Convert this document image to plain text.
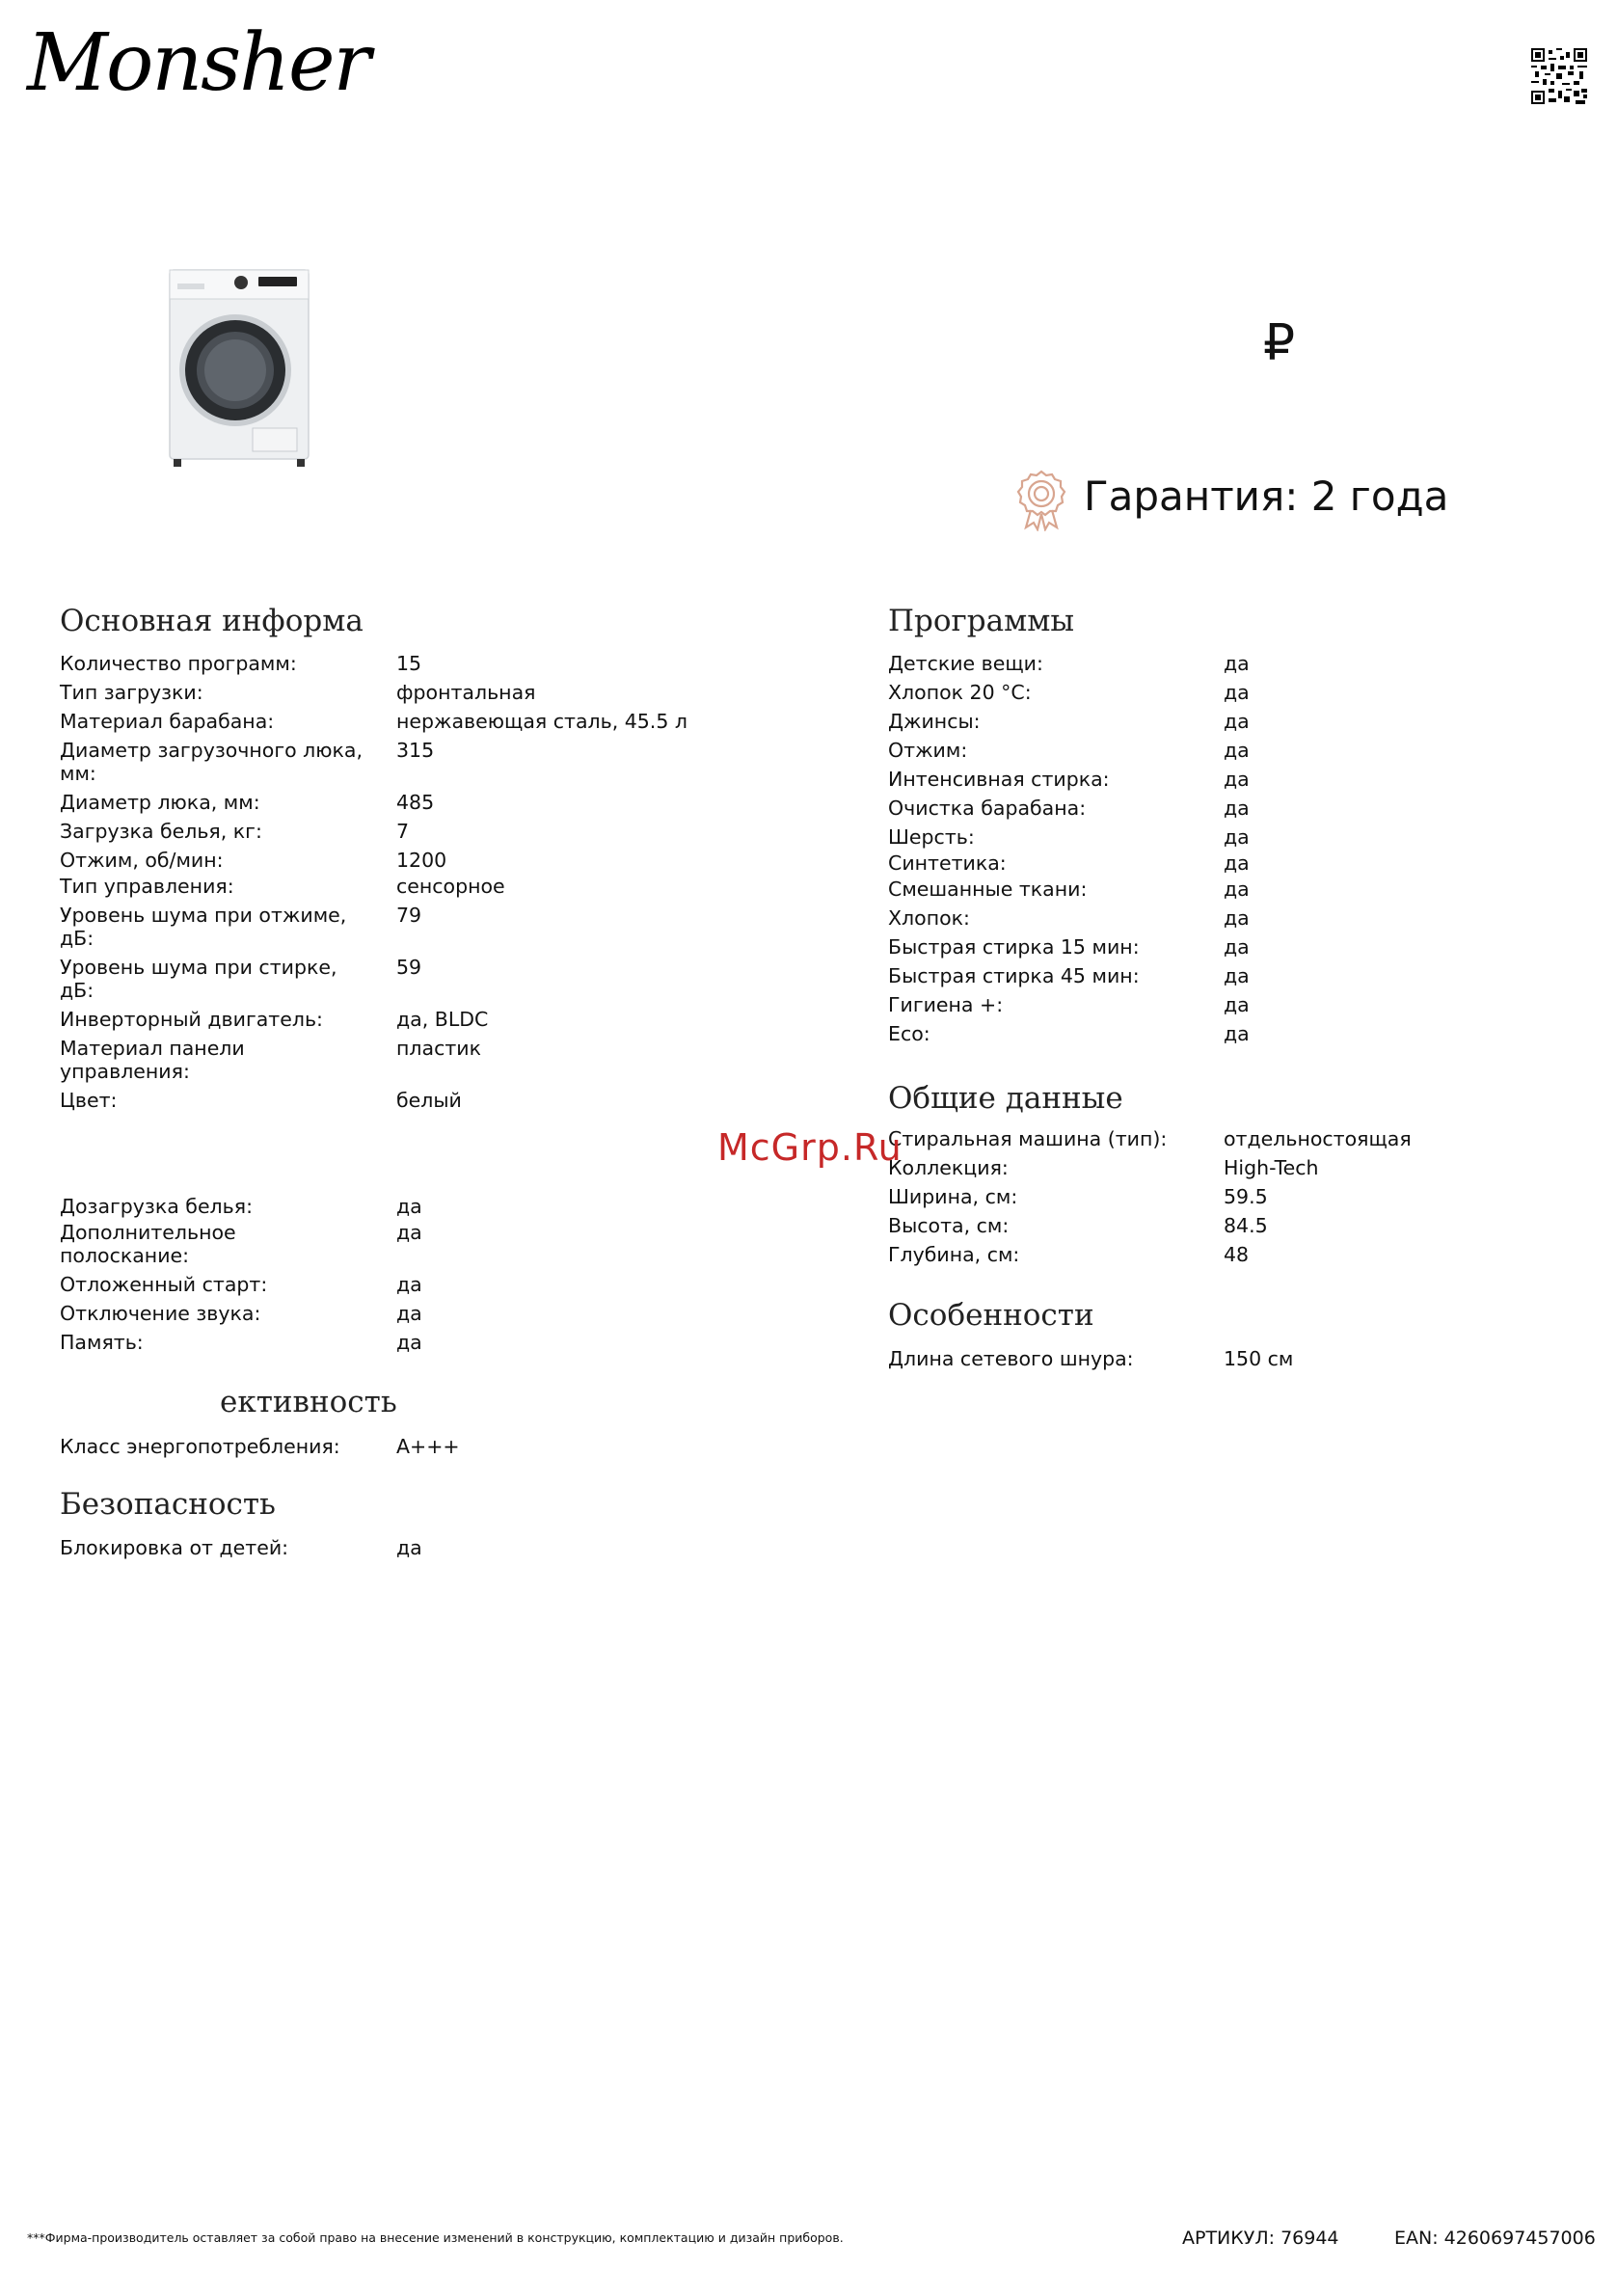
Monsher
₽
Гарантия: 2 года
Основная информа
Количество программ:	15
Тип загрузки:	фронтальная
Материал барабана:	нержавеющая сталь, 45.5 л
Диаметр загрузочного люка, мм:
315
Диаметр люка, мм:	485
Загрузка белья, кг:	7
Отжим, об/мин:	1200
Тип управления:	сенсорное
Уровень шума при отжиме, дБ:
79
Уровень шума при стирке, дБ:
59
Инверторный двигатель:	да, BLDC
Материал панели управления:
пластик
Цвет:	белый
Дозагрузка белья:	да
Дополнительное полоскание:
да
Отложенный старт:	да
Отключение звука:	да
Память:	да
ективность
Класс энергопотребления:	A+++
Безопасность
Блокировка от детей:	да
Программы
Детские вещи:	да
Хлопок 20 °C:	да
Джинсы:	да
Отжим:	да
Интенсивная стирка:	да
Очистка барабана:	да
Шерсть:	да
Синтетика:	да
Смешанные ткани:	да
Хлопок:	да
Быстрая стирка 15 мин:	да
Быстрая стирка 45 мин:	да
Гигиена +:	да
Eco:	да
Общие данные
Стиральная машина (тип):	отдельностоящая
Коллекция:	High-Tech
Ширина, см:	59.5
Высота, см:	84.5
Глубина, см:	48
Особенности
Длина сетевого шнура:	150 см
McGrp.Ru
***Фирма-производитель оставляет за собой право на внесение изменений в конструкцию, комплектацию и дизайн приборов.	АРТИКУЛ: 76944	EAN: 4260697457006
